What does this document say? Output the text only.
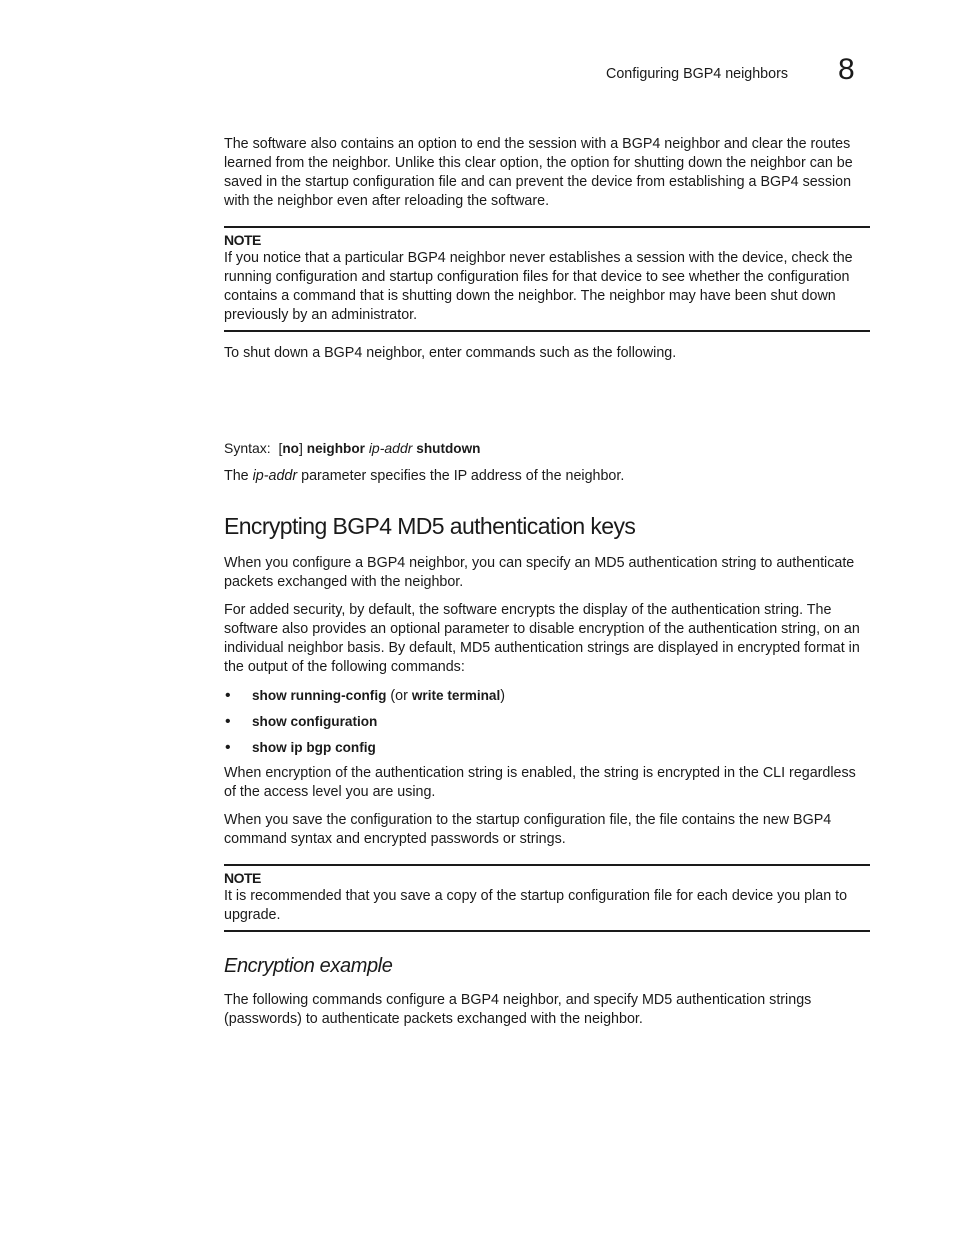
Configuring BGP4 neighbors 8

The software also contains an option to end the session with a BGP4 neighbor and clear the routes learned from the neighbor. Unlike this clear option, the option for shutting down the neighbor can be saved in the startup configuration file and can prevent the device from establishing a BGP4 session with the neighbor even after reloading the software.

NOTE

If you notice that a particular BGP4 neighbor never establishes a session with the device, check the running configuration and startup configuration files for that device to see whether the configuration contains a command that is shutting down the neighbor. The neighbor may have been shut down previously by an administrator.

To shut down a BGP4 neighbor, enter commands such as the following.

Syntax: [no] neighbor ip-addr shutdown

The ip-addr parameter specifies the IP address of the neighbor.

Encrypting BGP4 MD5 authentication keys

When you configure a BGP4 neighbor, you can specify an MD5 authentication string to authenticate packets exchanged with the neighbor.

For added security, by default, the software encrypts the display of the authentication string. The software also provides an optional parameter to disable encryption of the authentication string, on an individual neighbor basis. By default, MD5 authentication strings are displayed in encrypted format in the output of the following commands:

• show running-config (or write terminal)
• show configuration
• show ip bgp config

When encryption of the authentication string is enabled, the string is encrypted in the CLI regardless of the access level you are using.

When you save the configuration to the startup configuration file, the file contains the new BGP4 command syntax and encrypted passwords or strings.

NOTE

It is recommended that you save a copy of the startup configuration file for each device you plan to upgrade.

Encryption example

The following commands configure a BGP4 neighbor, and specify MD5 authentication strings (passwords) to authenticate packets exchanged with the neighbor.
